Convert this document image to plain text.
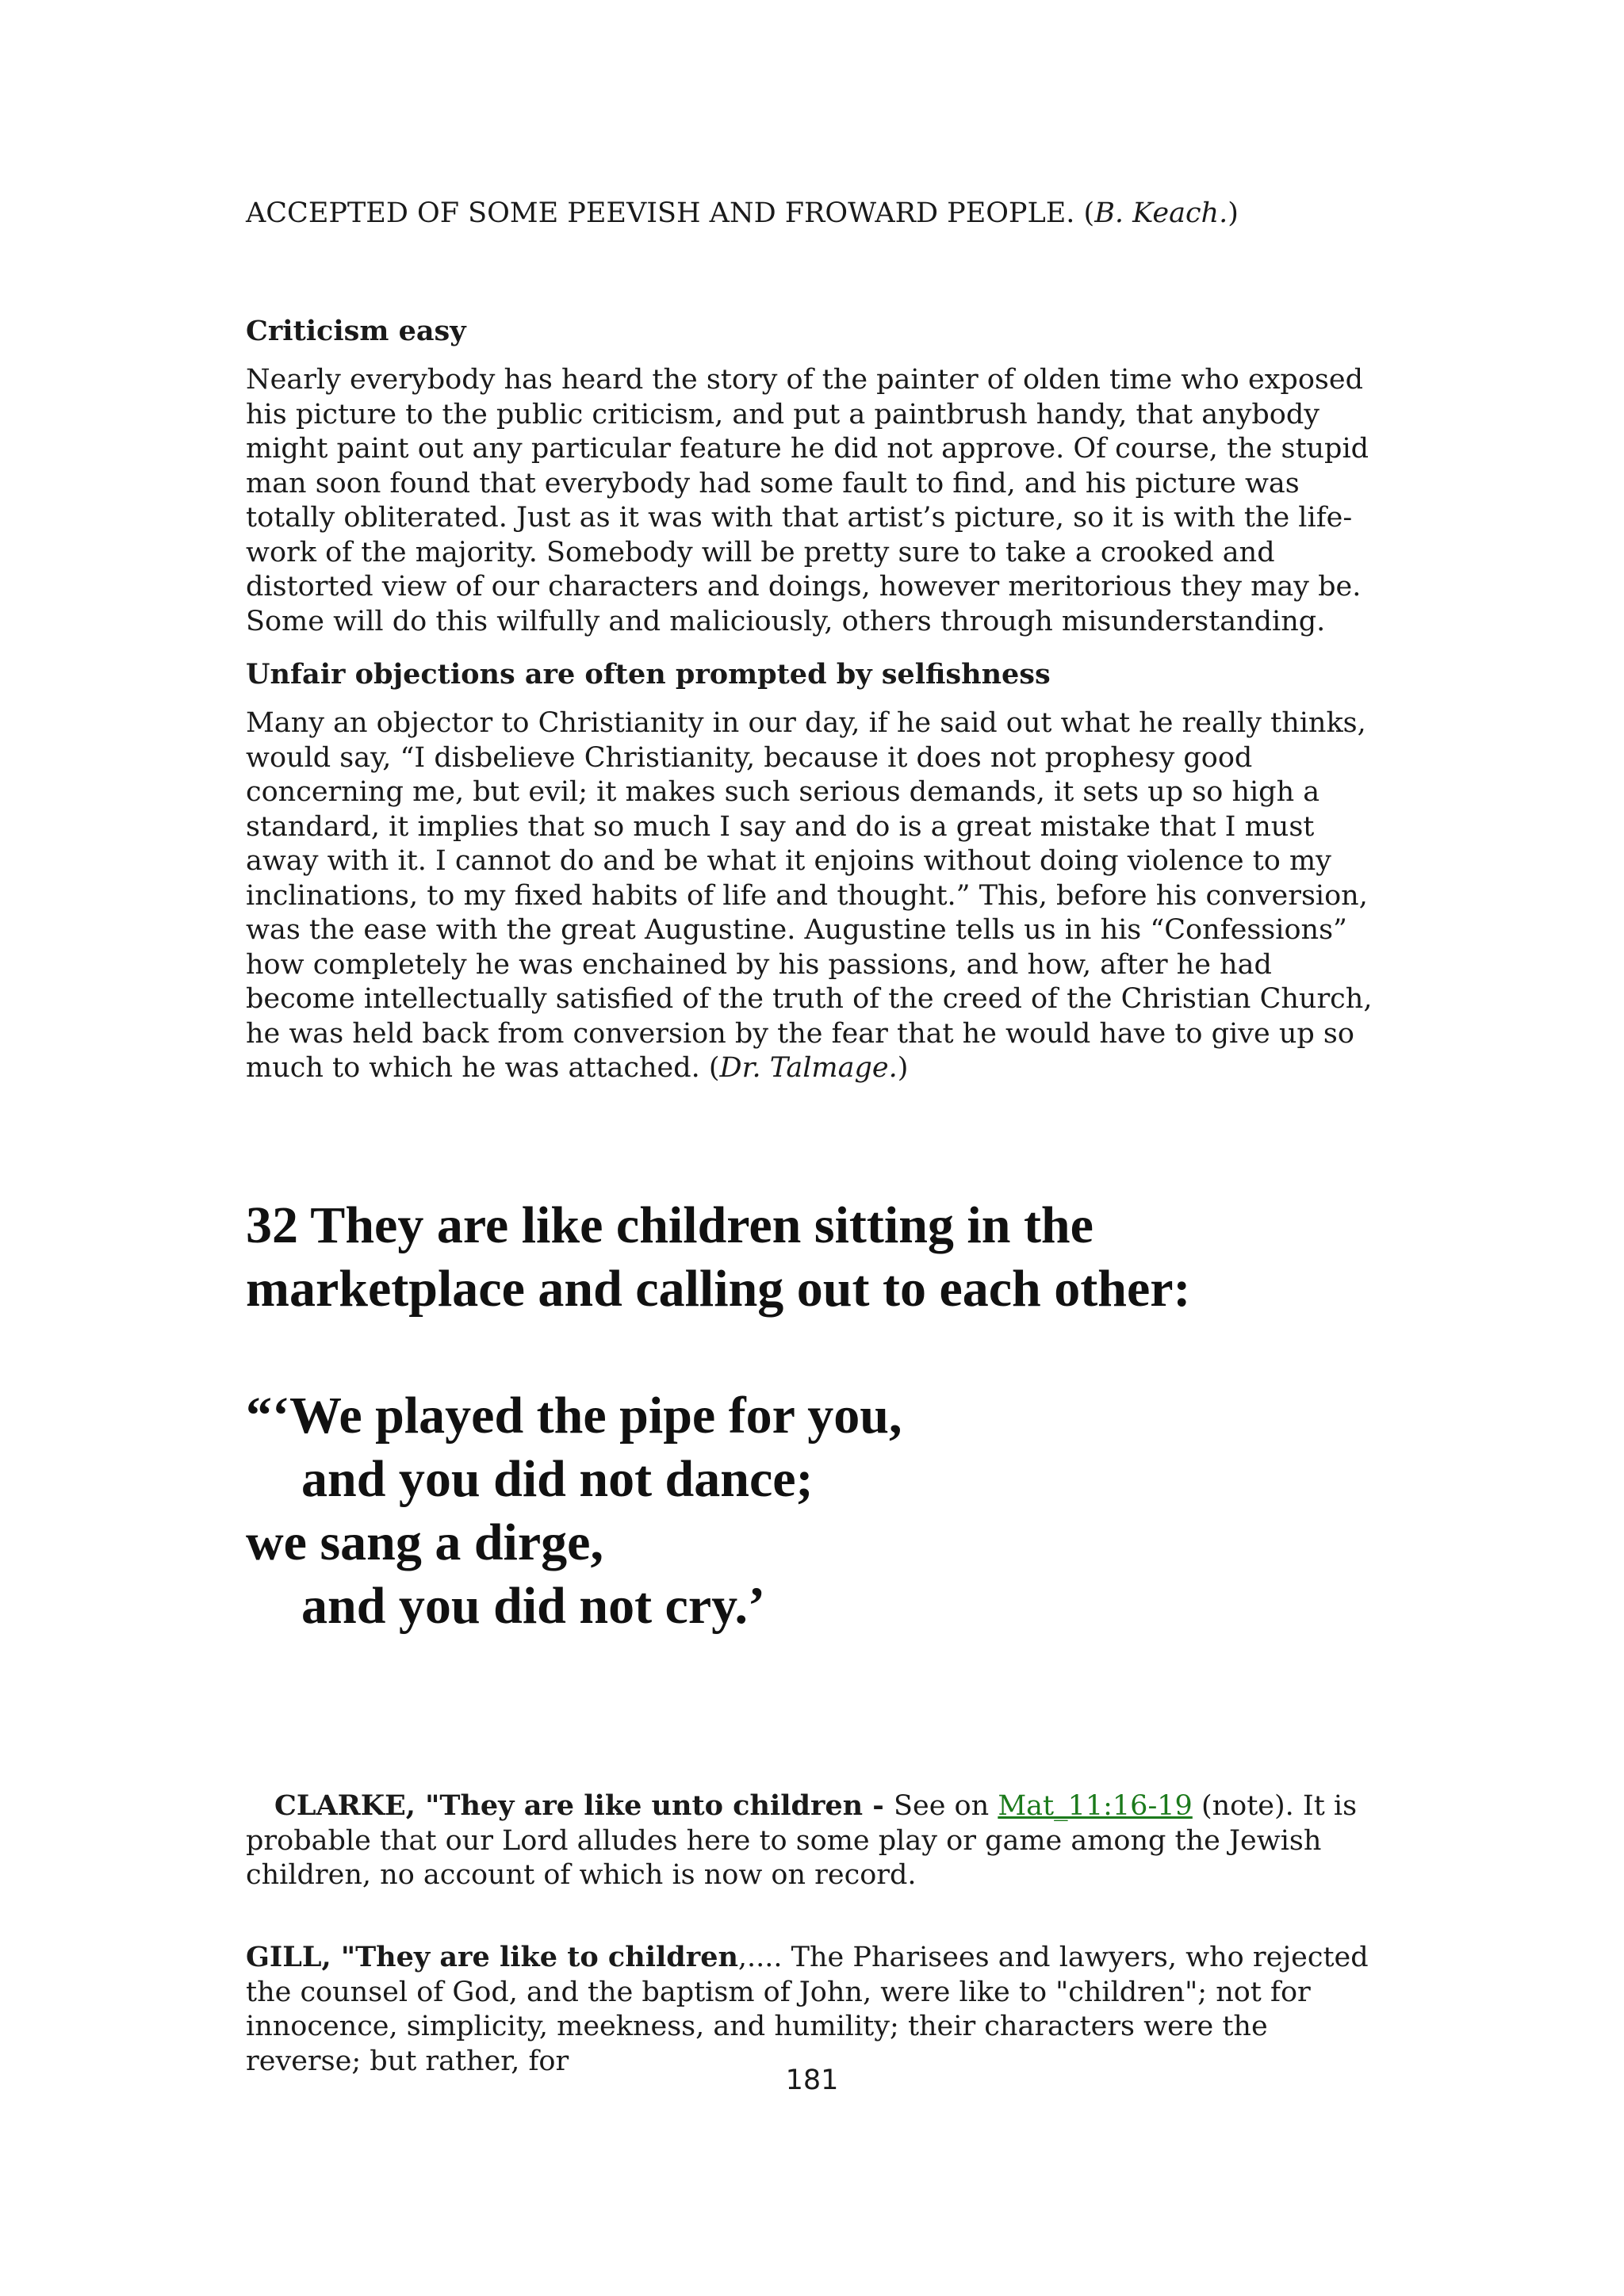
ACCEPTED OF SOME PEEVISH AND FROWARD PEOPLE. (B. Keach.)

Criticism easy

Nearly everybody has heard the story of the painter of olden time who exposed his picture to the public criticism, and put a paintbrush handy, that anybody might paint out any particular feature he did not approve. Of course, the stupid man soon found that everybody had some fault to find, and his picture was totally obliterated. Just as it was with that artist’s picture, so it is with the life-work of the majority. Somebody will be pretty sure to take a crooked and distorted view of our characters and doings, however meritorious they may be. Some will do this wilfully and maliciously, others through misunderstanding.

Unfair objections are often prompted by selfishness

Many an objector to Christianity in our day, if he said out what he really thinks, would say, “I disbelieve Christianity, because it does not prophesy good concerning me, but evil; it makes such serious demands, it sets up so high a standard, it implies that so much I say and do is a great mistake that I must away with it. I cannot do and be what it enjoins without doing violence to my inclinations, to my fixed habits of life and thought.” This, before his conversion, was the ease with the great Augustine. Augustine tells us in his “Confessions” how completely he was enchained by his passions, and how, after he had become intellectually satisfied of the truth of the creed of the Christian Church, he was held back from conversion by the fear that he would have to give up so much to which he was attached. (Dr. Talmage.)

32 They are like children sitting in the
marketplace and calling out to each other:

“‘We played the pipe for you,
and you did not dance;
we sang a dirge,
and you did not cry.’

CLARKE, "They are like unto children - See on Mat_11:16-19 (note). It is probable that our Lord alludes here to some play or game among the Jewish children, no account of which is now on record.

GILL, "They are like to children,.... The Pharisees and lawyers, who rejected the counsel of God, and the baptism of John, were like to "children"; not for innocence, simplicity, meekness, and humility; their characters were the reverse; but rather, for

181
